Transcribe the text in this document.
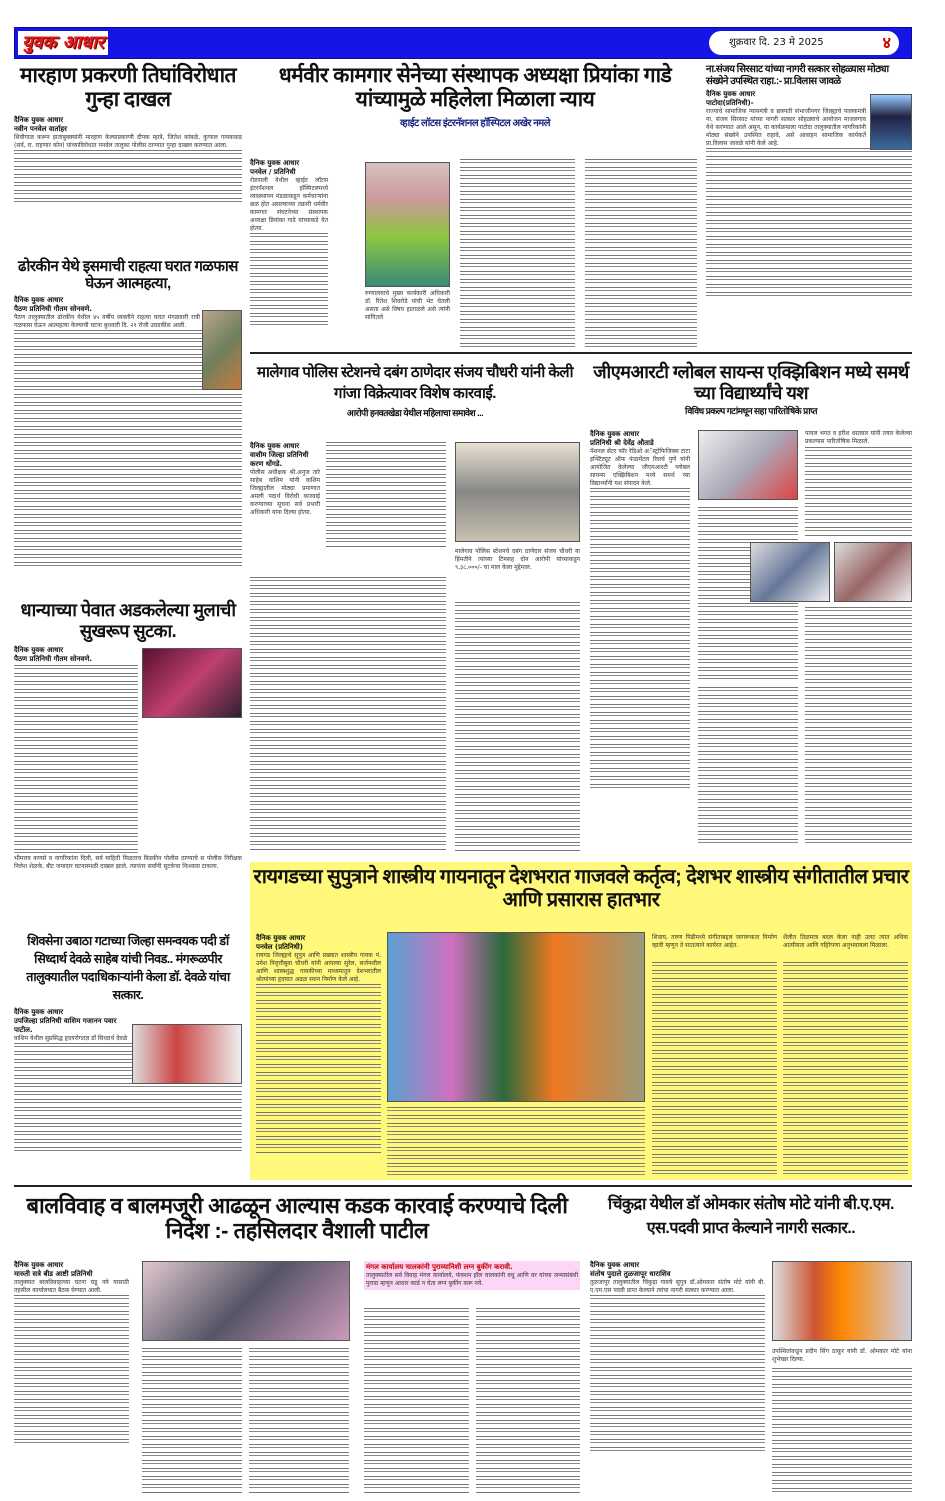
युवक आधार	शुक्रवार दि. 23 मे 2025	४
मारहाण प्रकरणी तिघांविरोधात गुन्हा दाखल
दैनिक युवक आधार
नवीन पनवेल वार्ताहर
शिवीगाळ करून हाताबुक्क्यांनी मारहाण केल्याप्रकरणी दीपक म्हात्रे, जितेश कांबळे, कुणाल गायकवाड (सर्व, रा. राहणार कोन) यांच्याविरोधात पनवेल तालुका पोलीस ठाण्यात गुन्हा दाखल करण्यात आला.
ढोरकीन येथे इसमाची राहत्या घरात गळफास घेऊन आत्महत्या,
दैनिक युवक आधार
पैठण प्रतिनिधी गौतम सोनवणे.
पैठण तालुक्यातील ढोरकीन येथील ४५ वर्षीय व्यक्तीने राहत्या घरात मंगळवारी रात्री गळफास घेऊन आत्महत्या केल्याची घटना बुधवारी दि. २१ रोजी उघडकीस आली.
धान्याच्या पेवात अडकलेल्या मुलाची सुखरूप सुटका.
दैनिक युवक आधार
पैठण प्रतिनिधी गौतम सोनवणे.
भीमराव कणसे व नागरिकांना दिली, सर्व माहिती मिळताच बिडकीन पोलीस ठाण्याचे स पोलीस निरीक्षक निलेश शेळके, बीट जमादार घटनास्थळी दाखल झाले. त्यानंतर सर्वांनी सुटकेचा निःश्वास टाकला.
शिवसेना उबाठा गटाच्या जिल्हा समन्वयक पदी डॉ सिध्दार्थ देवळे साहेब यांची निवड.. मंगरूळपीर तालुक्यातील पदाधिकाऱ्यांनी केला डॉ. देवळे यांचा सत्कार.
दैनिक युवक आधार
उपजिल्हा प्रतिनिधी वाशिम गजानन पवार पाटील.
वाशिम येथील सुप्रसिद्ध हृदयरोगतज्ञ डॉ सिध्दार्थ देवळे
धर्मवीर कामगार सेनेच्या संस्थापक अध्यक्षा प्रियांका गाडे यांच्यामुळे महिलेला मिळाला न्याय
व्हाईट लॉटस इंटरनॅशनल हॉस्पिटल अखेर नमले
दैनिक युवक आधार
पनवेल / प्रतिनिधी
रोडपाली येथील व्हाईट लॉटस इंटरनॅशनल हॉस्पिटलमध्ये व्यवस्थापन मंडळाकडून कर्मचाऱ्यांना छळ होत असल्याच्या तक्रारी धर्मवीर कामगार संघटनेच्या संस्थापक अध्यक्षा प्रियांका गाडे यांच्याकडे येत होत्या.
रुग्णालयाचे मुख्य कार्यकारी अधिकारी डॉ. रितेश शिवरोडे यांची भेट घेतली असता असे विषय हाताळले असे त्यांनी सांगितले
ना.संजय सिरसाट यांच्या नागरी सत्कार सोहळ्यास मोठ्या संख्येने उपस्थित राहा.:- प्रा.विलास जावळे
दैनिक युवक आधार
पाटोदा(प्रतिनिधी)-
राज्याचे सामाजिक न्यायमंत्री व छत्रपती संभाजीनगर जिल्ह्याचे पालकमंत्री ना. संजय सिरसाट यांच्या नागरी सत्कार सोहळ्याचे आयोजन माजलगाव येथे करण्यात आले असून, या कार्यक्रमाला पाटोदा तालुक्यातील नागरिकांनी मोठ्या संख्येने उपस्थित राहावे, असे आवाहन सामाजिक कार्यकर्ते प्रा.विलास जावळे यांनी केले आहे.
मालेगाव पोलिस स्टेशनचे दबंग ठाणेदार संजय चौधरी यांनी केली गांजा विक्रेत्यावर विशेष कारवाई.
आरोपी हनवतखेडा येथील महिलाचा समावेश ...
दैनिक युवक आधार
वाशीम जिल्हा प्रतिनिधी करण धोंगडे.
पोलीस अधीक्षक श्री.अनुज तारे साहेब वाशिम यांनी वाशिम जिल्ह्यातील मोठ्या प्रमाणात अमली पदार्थ विरोधी कारवाई करण्याच्या सूचना सर्व प्रभारी अधिकारी यांना दिल्या होत्या.
मालेगाव पोलिस स्टेशनचे दबंग ठाणेदार संजय चौधरी या हिंमतीने त्यांच्या टिमसह दोन आरोपी यांच्याकडून ९,३८,०००/- चा माल केला मुद्देमाल.
जीएमआरटी ग्लोबल सायन्स एक्झिबिशन मध्ये समर्थ च्या विद्यार्थ्यांचे यश
विविध प्रकल्प गटांमधून सहा पारितोषिके प्राप्त
दैनिक युवक आधार
प्रतिनिधी श्री देवेंद्र औताडे
नॅशनल सेंटर फॉर रेडिओ अॅस्ट्रोफिजिक्स टाटा इन्स्टिट्यूट ऑफ फंडामेंटल रिसर्च पुणे यांनी आयोजित केलेल्या जीएमआरटी ग्लोबल सायन्स एक्झिबिशन मध्ये समर्थ च्या विद्यार्थ्यांनी यश संपादन केले.
पायल भगत व हरीश धस्तवार यांनी तयार केलेल्या प्रकल्पास पारितोषिक मिळाले.
रायगडच्या सुपुत्राने शास्त्रीय गायनातून देशभरात गाजवले कर्तृत्व; देशभर शास्त्रीय संगीतातील प्रचार आणि प्रसारास हातभार
दैनिक युवक आधार
पनवेल (प्रतिनिधी)
रायगड जिल्ह्याचे सुपुत्र आणि प्रख्यात शास्त्रीय गायक पं. उमेश निवृत्तीबुवा चौधरी यांनी आपल्या सुरेल, सर्जनशील आणि शास्त्रशुद्ध गायकीच्या माध्यमातून देशभरातील श्रोत्यांच्या हृदयात अढळ स्थान निर्माण केले आहे.
शिवाय, तरुण पिढीमध्ये संगीताबद्दल जागरूकता निर्माण व्हावी म्हणून ते सातत्याने कार्यरत आहेत.
शैलीत तिळमात्र बदल केला नाही उलट त्यात अधिक आत्मीयता आणि गहिरेपणा अनुभवायला मिळाला.
बालविवाह व बालमजूरी आढळून आल्यास कडक कारवाई करण्याचे दिली निर्देश :- तहसिलदार वैशाली पाटील
दैनिक युवक आधार
मारुती सत्रे बीड आष्टी प्रतिनिधी
तालुक्यात बालविवाहाच्या घटना घडू नये यासाठी तहसील कार्यालयात बैठक घेण्यात आली.
मंगल कार्यालय चालकांनी पुराव्यानिशी लग्न बुकींग करावी.
तालुक्यातील सर्व विवाह मंगल कार्यालये, फंक्शन हॉल चालकांनी वधू आणि वर यांच्या जन्मासंबंधी पुरावा म्हणून आधार कार्ड न घेता लग्न बुकींग करू नये.
चिंकुद्रा येथील डॉ ओमकार संतोष मोटे यांनी बी.ए.एम. एस.पदवी प्राप्त केल्याने नागरी सत्कार..
दैनिक युवक आधार
संतोष पुदाले तुळजापूर धाराशिव
तुळजापूर तालुक्यातील चिंकुद्रा गावचे सुपुत्र डॉ.ओमकार संतोष मोटे यांनी बी. ए.एम.एस पदवी प्राप्त केल्याने त्यांचा नागरी सत्कार करण्यात आला.
उपस्थितांकडून प्रदीप सिंग ठाकूर यांनी डॉ. ओमकार मोटे यांना शुभेच्छा दिल्या.
